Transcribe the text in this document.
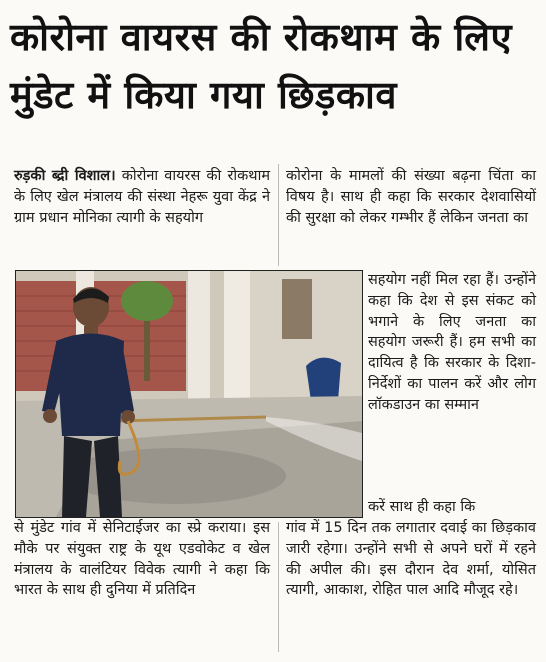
कोरोना वायरस की रोकथाम के लिए
मुंडेट में किया गया छिड़काव

रुड़की ब्द्री विशाल। कोरोना वायरस की रोकथाम के लिए खेल मंत्रालय की संस्था नेहरू युवा केंद्र ने ग्राम प्रधान मोनिका त्यागी के सहयोग

कोरोना के मामलों की संख्या बढ़ना चिंता का विषय है। साथ ही कहा कि सरकार देशवासियों की सुरक्षा को लेकर गम्भीर हैं लेकिन जनता का

सहयोग नहीं मिल रहा हैं। उन्होंने कहा कि देश से इस संकट को भगाने के लिए जनता का सहयोग जरूरी हैं। हम सभी का दायित्व है कि सरकार के दिशा- निर्देशों का पालन करें और लोग लॉकडाउन का सम्मान

करें साथ ही कहा कि

से मुंडेट गांव में सेनिटाईजर का स्प्रे कराया। इस मौके पर संयुक्त राष्ट्र के यूथ एडवोकेट व खेल मंत्रालय के वालंटियर विवेक त्यागी ने कहा कि भारत के साथ ही दुनिया में प्रतिदिन

गांव में 15 दिन तक लगातार दवाई का छिड़काव जारी रहेगा। उन्होंने सभी से अपने घरों में रहने की अपील की। इस दौरान देव शर्मा, योसित त्यागी, आकाश, रोहित पाल आदि मौजूद रहे।
